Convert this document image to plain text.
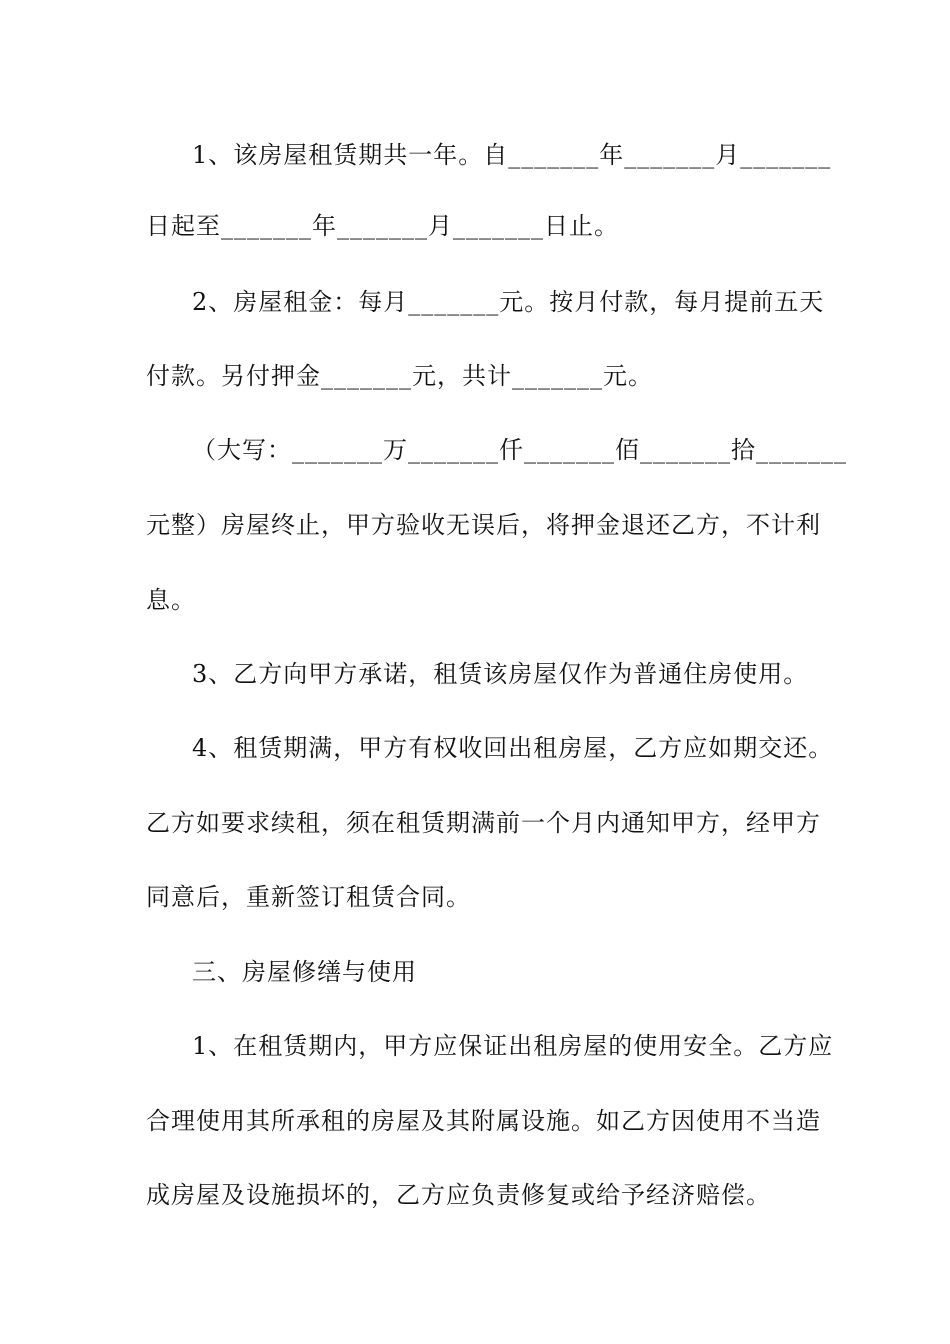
1、该房屋租赁期共一年。自_______年_______月_______
日起至_______年_______月_______日止。
2、房屋租金：每月_______元。按月付款，每月提前五天
付款。另付押金_______元，共计_______元。
（大写：_______万_______仟_______佰_______拾_______
元整）房屋终止，甲方验收无误后，将押金退还乙方，不计利
息。
3、乙方向甲方承诺，租赁该房屋仅作为普通住房使用。
4、租赁期满，甲方有权收回出租房屋，乙方应如期交还。
乙方如要求续租，须在租赁期满前一个月内通知甲方，经甲方
同意后，重新签订租赁合同。
三、房屋修缮与使用
1、在租赁期内，甲方应保证出租房屋的使用安全。乙方应
合理使用其所承租的房屋及其附属设施。如乙方因使用不当造
成房屋及设施损坏的，乙方应负责修复或给予经济赔偿。
